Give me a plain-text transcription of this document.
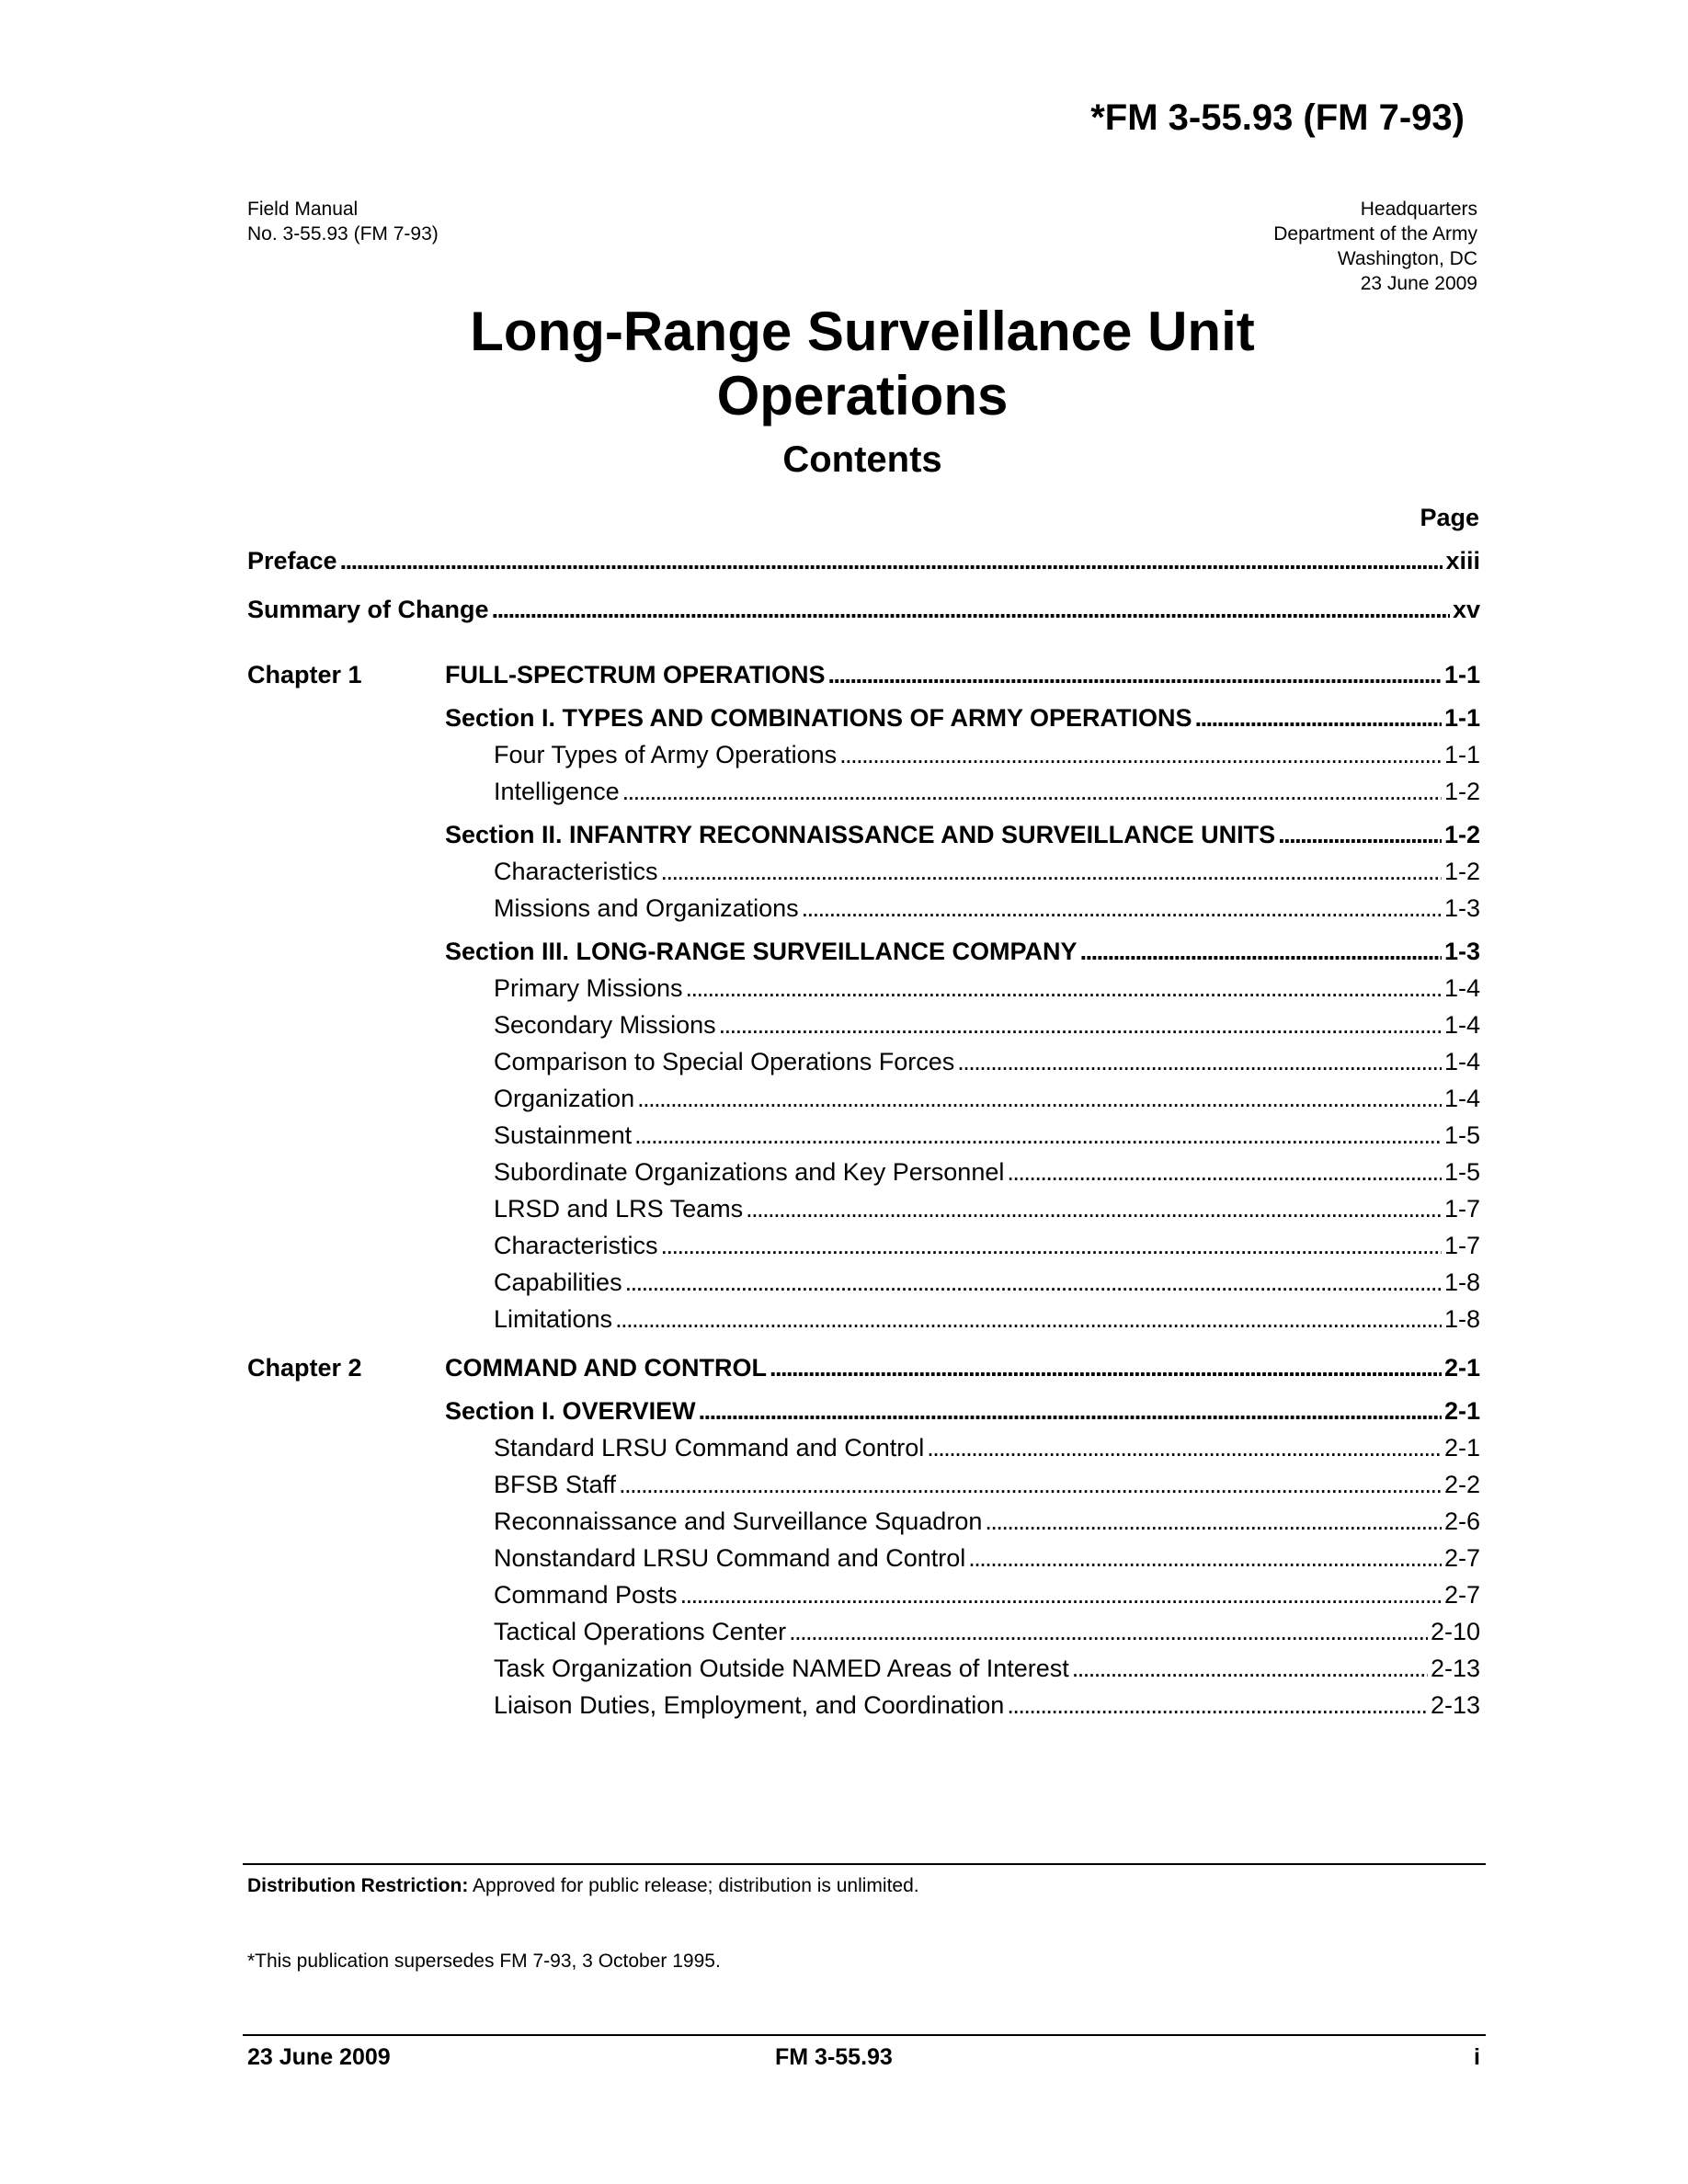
*FM 3-55.93 (FM 7-93)
Field Manual
No. 3-55.93 (FM 7-93)
Headquarters
Department of the Army
Washington, DC
23 June 2009
Long-Range Surveillance Unit
Operations
Contents
Page
Preface . . .	xiii
Summary of Change . . .	xv
Chapter 1	FULL-SPECTRUM OPERATIONS . . .	1-1
Section I. TYPES AND COMBINATIONS OF ARMY OPERATIONS . . .	1-1
Four Types of Army Operations . . .	1-1
Intelligence . . .	1-2
Section II. INFANTRY RECONNAISSANCE AND SURVEILLANCE UNITS . . .	1-2
Characteristics . . .	1-2
Missions and Organizations . . .	1-3
Section III. LONG-RANGE SURVEILLANCE COMPANY . . .	1-3
Primary Missions . . .	1-4
Secondary Missions . . .	1-4
Comparison to Special Operations Forces . . .	1-4
Organization . . .	1-4
Sustainment . . .	1-5
Subordinate Organizations and Key Personnel . . .	1-5
LRSD and LRS Teams . . .	1-7
Characteristics . . .	1-7
Capabilities . . .	1-8
Limitations . . .	1-8
Chapter 2	COMMAND AND CONTROL . . .	2-1
Section I. OVERVIEW . . .	2-1
Standard LRSU Command and Control . . .	2-1
BFSB Staff . . .	2-2
Reconnaissance and Surveillance Squadron . . .	2-6
Nonstandard LRSU Command and Control . . .	2-7
Command Posts . . .	2-7
Tactical Operations Center . . .	2-10
Task Organization Outside NAMED Areas of Interest . . .	2-13
Liaison Duties, Employment, and Coordination . . .	2-13
Distribution Restriction: Approved for public release; distribution is unlimited.
*This publication supersedes FM 7-93, 3 October 1995.
23 June 2009	FM 3-55.93	i
